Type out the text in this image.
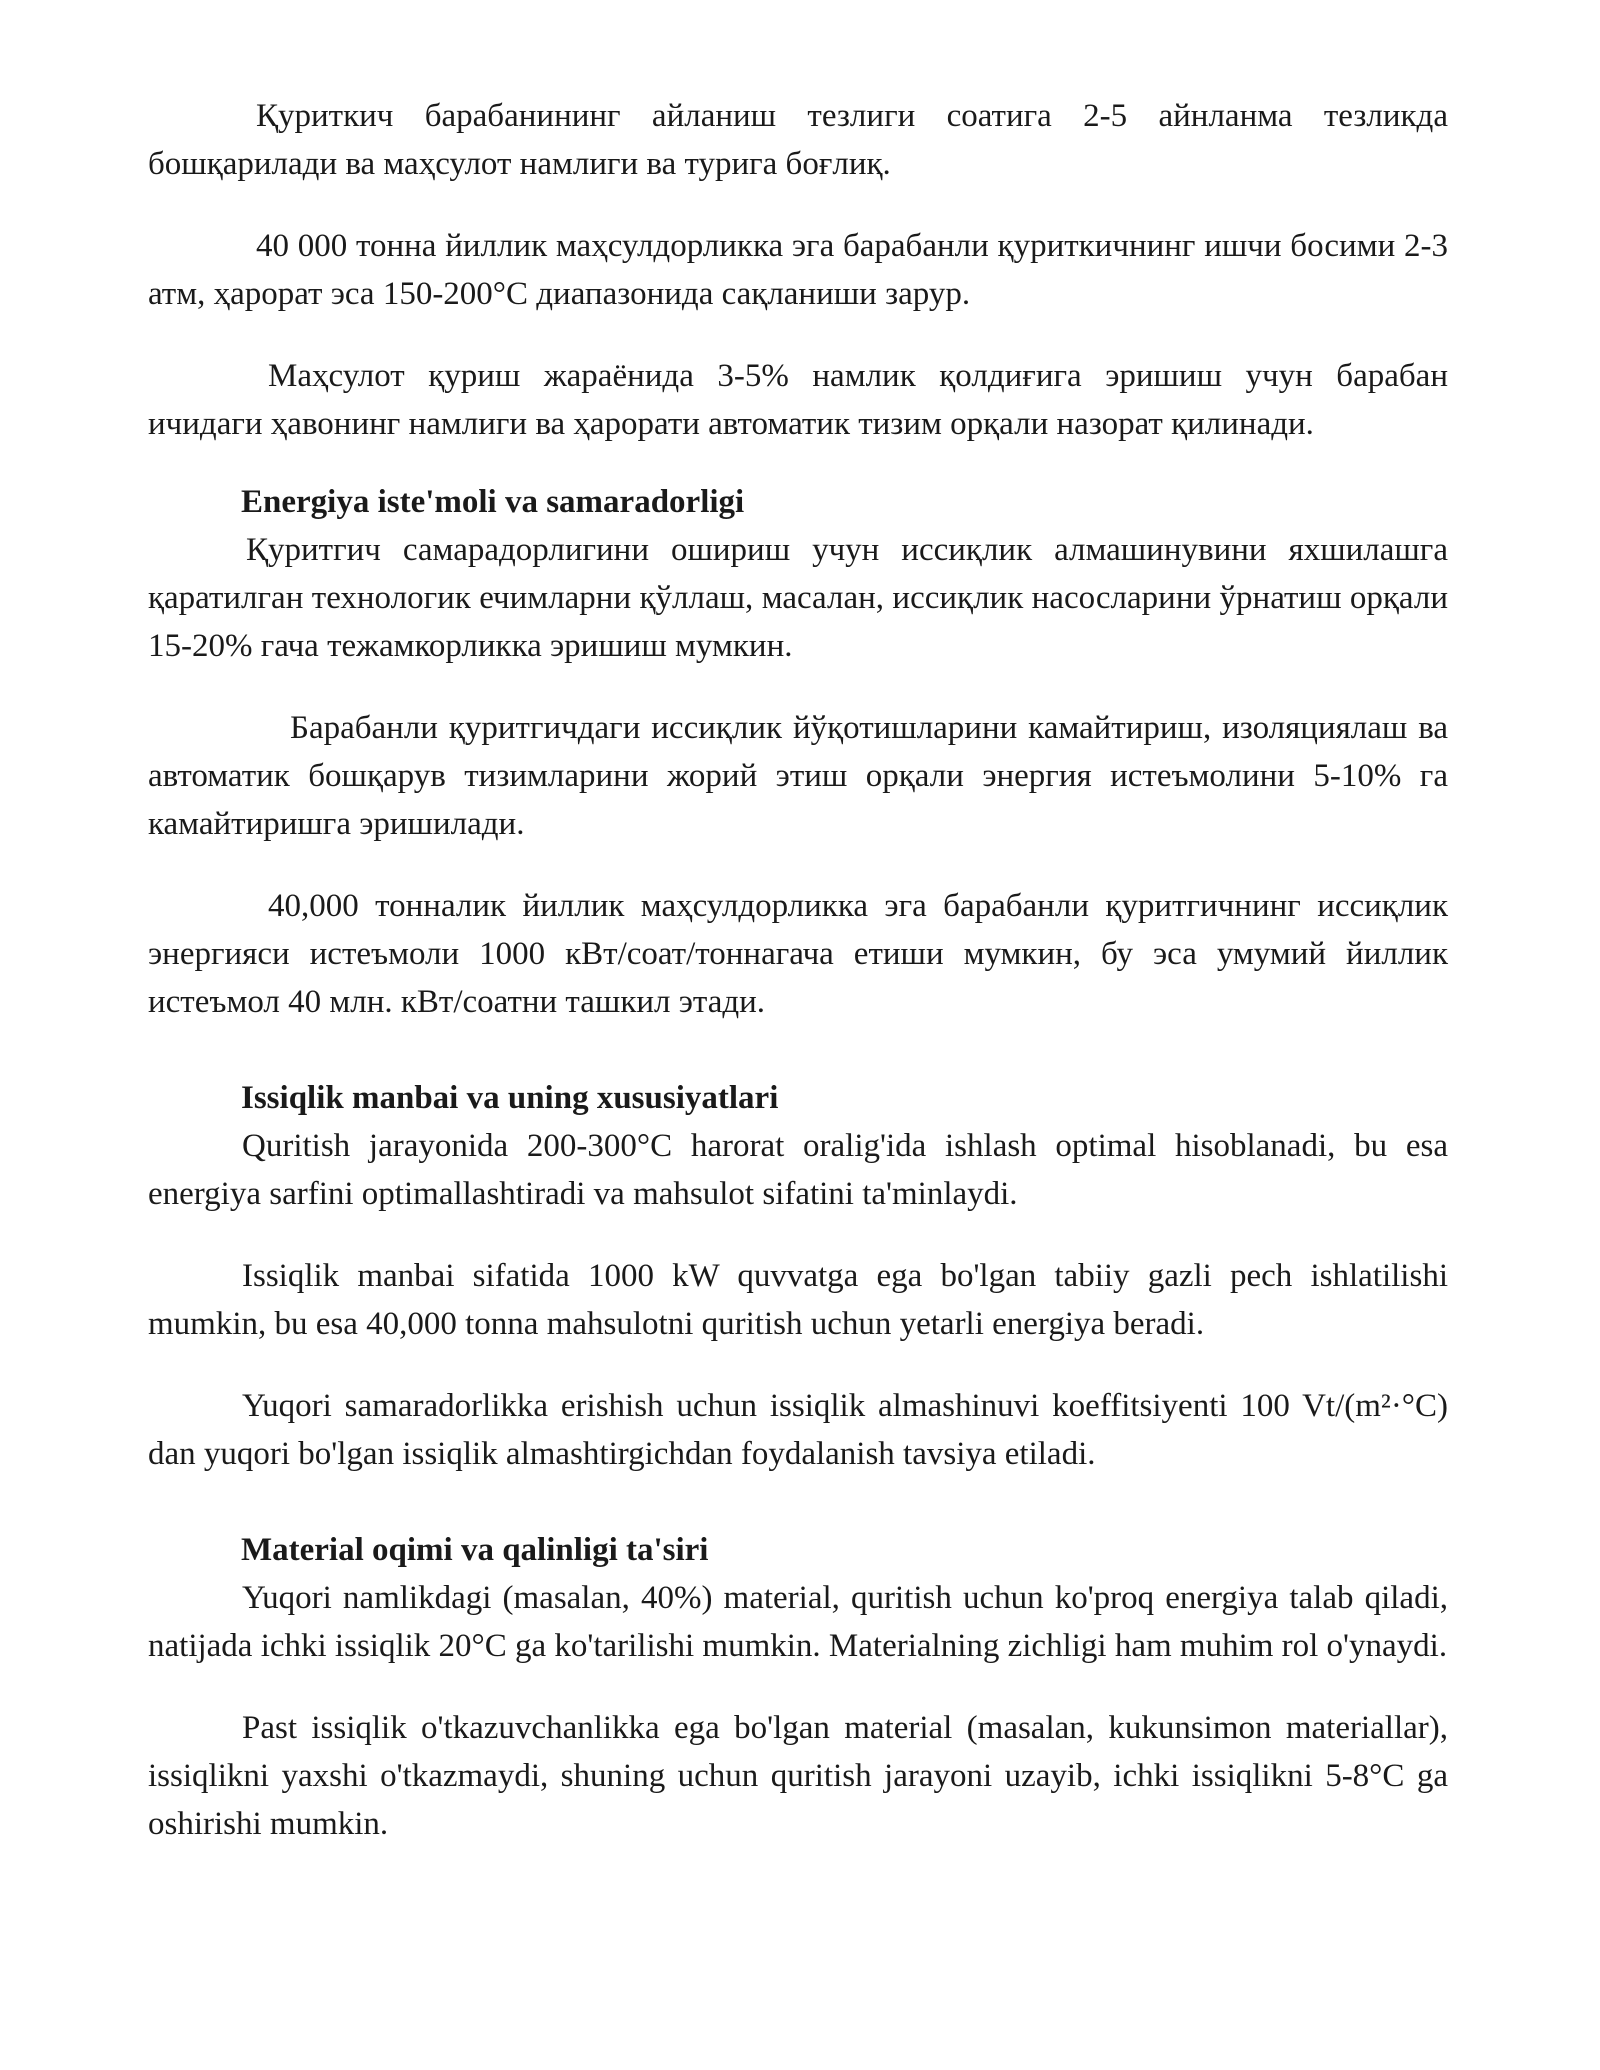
Қуриткич барабанининг айланиш тезлиги соатига 2-5 айнланма тезликда бошқарилади ва маҳсулот намлиги ва турига боғлиқ.

40 000 тонна йиллик маҳсулдорликка эга барабанли қуриткичнинг ишчи босими 2-3 атм, ҳарорат эса 150-200°C диапазонида сақланиши зарур.

Маҳсулот қуриш жараёнида 3-5% намлик қолдиғига эришиш учун барабан ичидаги ҳавонинг намлиги ва ҳарорати автоматик тизим орқали назорат қилинади.

Energiya iste'moli va samaradorligi

Қуритгич самарадорлигини ошириш учун иссиқлик алмашинувини яхшилашга қаратилган технологик ечимларни қўллаш, масалан, иссиқлик насосларини ўрнатиш орқали 15-20% гача тежамкорликка эришиш мумкин.

Барабанли қуритгичдаги иссиқлик йўқотишларини камайтириш, изоляциялаш ва автоматик бошқарув тизимларини жорий этиш орқали энергия истеъмолини 5-10% га камайтиришга эришилади.

40,000 тонналик йиллик маҳсулдорликка эга барабанли қуритгичнинг иссиқлик энергияси истеъмоли 1000 кВт/соат/тоннагача етиши мумкин, бу эса умумий йиллик истеъмол 40 млн. кВт/соатни ташкил этади.

Issiqlik manbai va uning xususiyatlari

Quritish jarayonida 200-300°C harorat oralig'ida ishlash optimal hisoblanadi, bu esa energiya sarfini optimallashtiradi va mahsulot sifatini ta'minlaydi.

Issiqlik manbai sifatida 1000 kW quvvatga ega bo'lgan tabiiy gazli pech ishlatilishi mumkin, bu esa 40,000 tonna mahsulotni quritish uchun yetarli energiya beradi.

Yuqori samaradorlikka erishish uchun issiqlik almashinuvi koeffitsiyenti 100 Vt/(m²·°C) dan yuqori bo'lgan issiqlik almashtirgichdan foydalanish tavsiya etiladi.

Material oqimi va qalinligi ta'siri

Yuqori namlikdagi (masalan, 40%) material, quritish uchun ko'proq energiya talab qiladi, natijada ichki issiqlik 20°C ga ko'tarilishi mumkin. Materialning zichligi ham muhim rol o'ynaydi.

Past issiqlik o'tkazuvchanlikka ega bo'lgan material (masalan, kukunsimon materiallar), issiqlikni yaxshi o'tkazmaydi, shuning uchun quritish jarayoni uzayib, ichki issiqlikni 5-8°C ga oshirishi mumkin.
